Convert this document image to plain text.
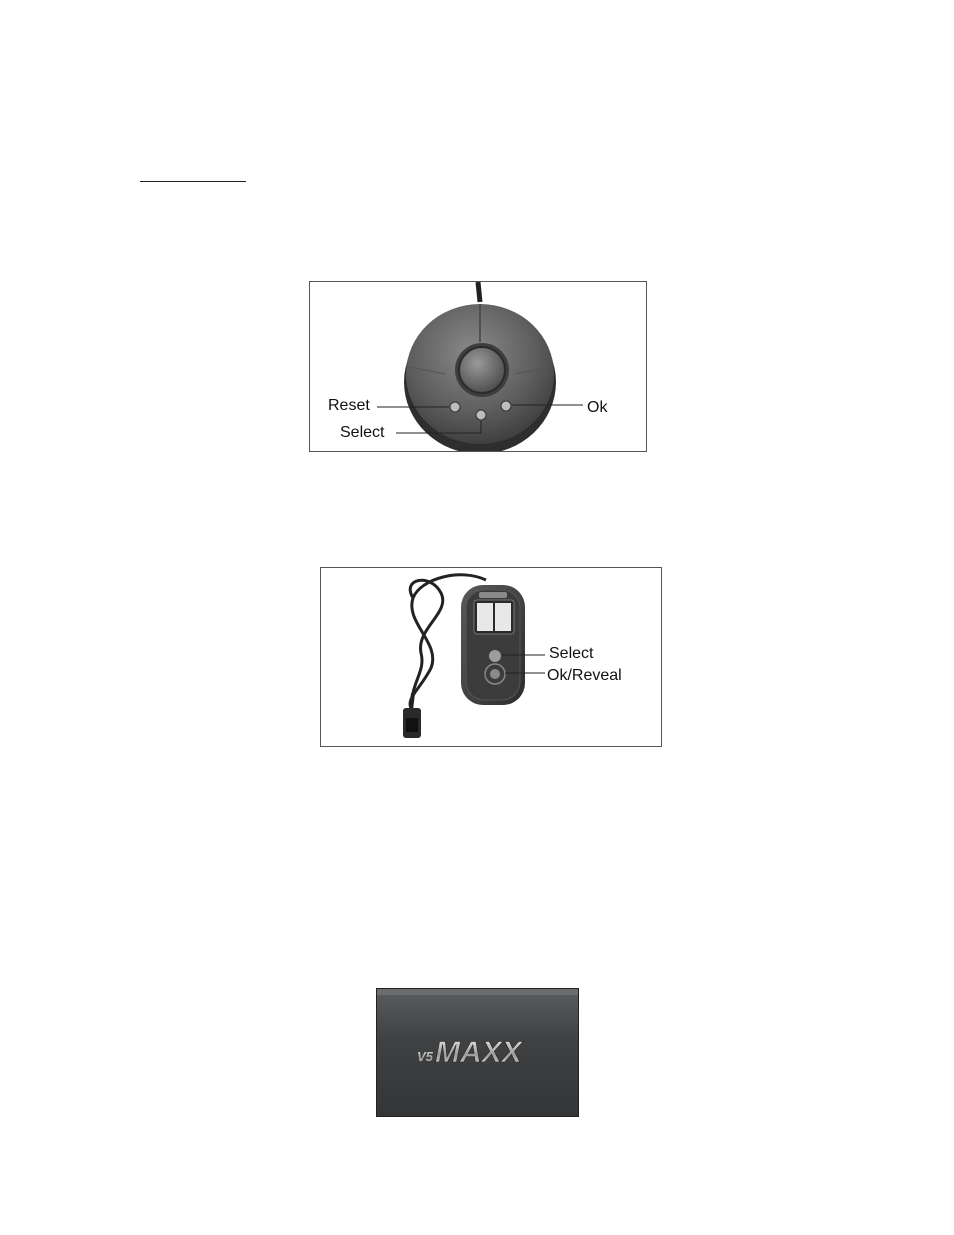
Reset
Select
Ok
Select
Ok/Reveal
V5 MAXX
